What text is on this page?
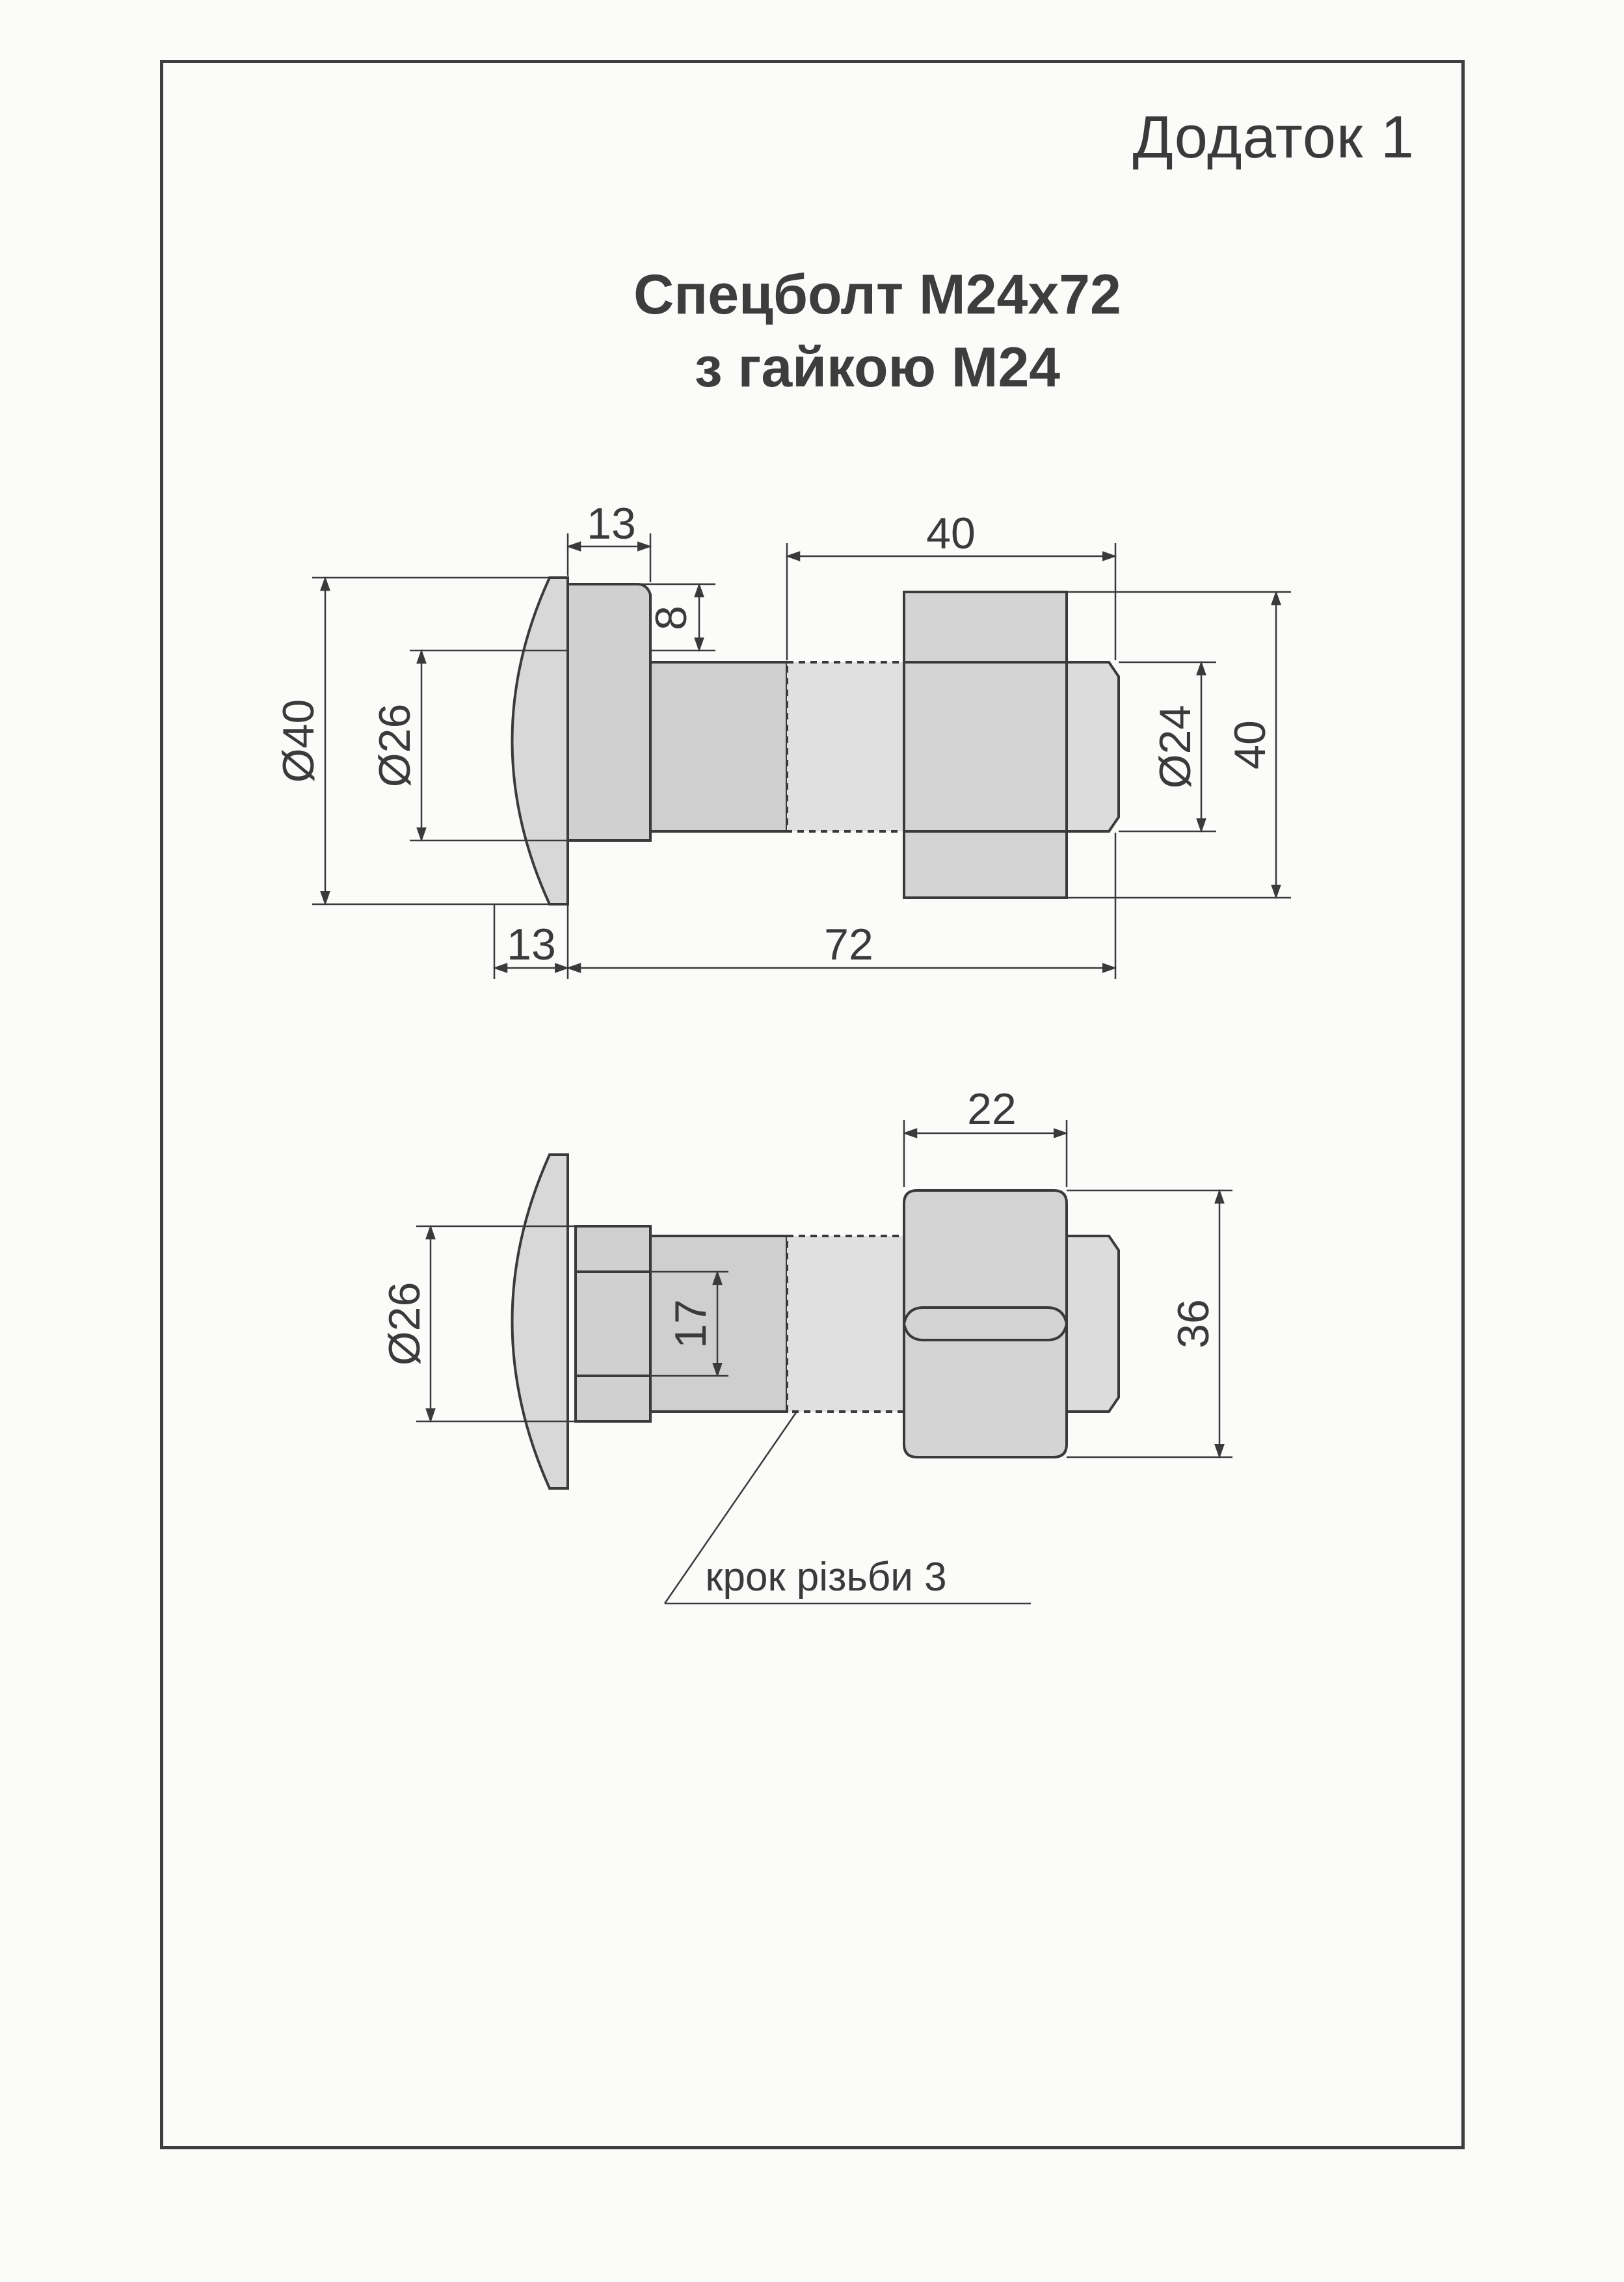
Додаток 1
Спецболт М24х72
з гайкою М24
13
8
40
Ø40
Ø26
Ø24 40
13	72
22
Ø26	17	36
крок різьби 3
